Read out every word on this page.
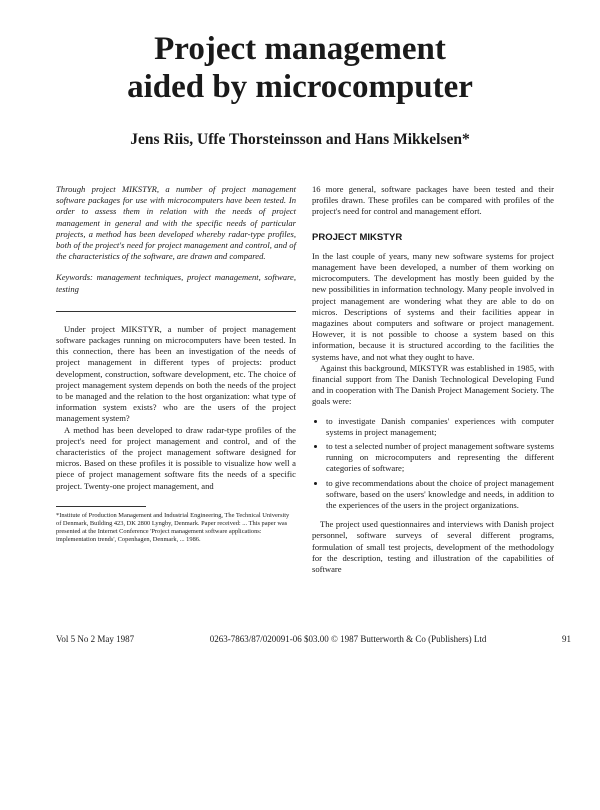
Project management
aided by microcomputer
Jens Riis, Uffe Thorsteinsson and Hans Mikkelsen*
Through project MIKSTYR, a number of project management software packages for use with microcomputers have been tested. In order to assess them in relation with the needs of project management in general and with the specific needs of particular projects, a method has been developed whereby radar-type profiles, both of the project's need for project management and control, and of the characteristics of the software, are drawn and compared.
Keywords: management techniques, project management, software, testing

Under project MIKSTYR, a number of project management software packages running on microcomputers have been tested. In this connection, there has been an investigation of the needs of project management in different types of projects: product development, construction, software development, etc. The choice of project management system depends on both the needs of the project to be managed and the relation to the host organization: what type of information system exists? who are the users of the project management system?

A method has been developed to draw radar-type profiles of the project's need for project management and control, and of the characteristics of the project management software designed for micros. Based on these profiles it is possible to visualize how well a piece of project management software fits the needs of a specific project. Twenty-one project management, and

*Institute of Production Management and Industrial Engineering, The Technical University of Denmark, Building 423, DK 2800 Lyngby, Denmark. Paper received: ... This paper was presented at the Internet Conference 'Project management software applications: implementation trends', Copenhagen, Denmark, ... 1986.

16 more general, software packages have been tested and their profiles drawn. These profiles can be compared with profiles of the project's need for control and management effort.

PROJECT MIKSTYR

In the last couple of years, many new software systems for project management have been developed, a number of them working on microcomputers. The development has mostly been guided by the new possibilities in information technology. Many people involved in project management are wondering what they are able to do on micros. Descriptions of systems and their facilities appear in magazines about computers and software or project management. However, it is not possible to choose a system based on this information, because it is structured according to the facilities the systems have, and not what they ought to have.

Against this background, MIKSTYR was established in 1985, with financial support from The Danish Technological Developing Fund and in cooperation with The Danish Project Management Society. The goals were:

• to investigate Danish companies' experiences with computer systems in project management;
• to test a selected number of project management software systems running on microcomputers and representing the different categories of software;
• to give recommendations about the choice of project management software, based on the users' knowledge and needs, in addition to the experiences of the users in the project organizations.

The project used questionnaires and interviews with Danish project personnel, software surveys of several different programs, formulation of small test projects, development of the methodology for the description, testing and illustration of the capabilities of software

Vol 5 No 2 May 1987	0263-7863/87/020091-06 $03.00 © 1987 Butterworth & Co (Publishers) Ltd	91
